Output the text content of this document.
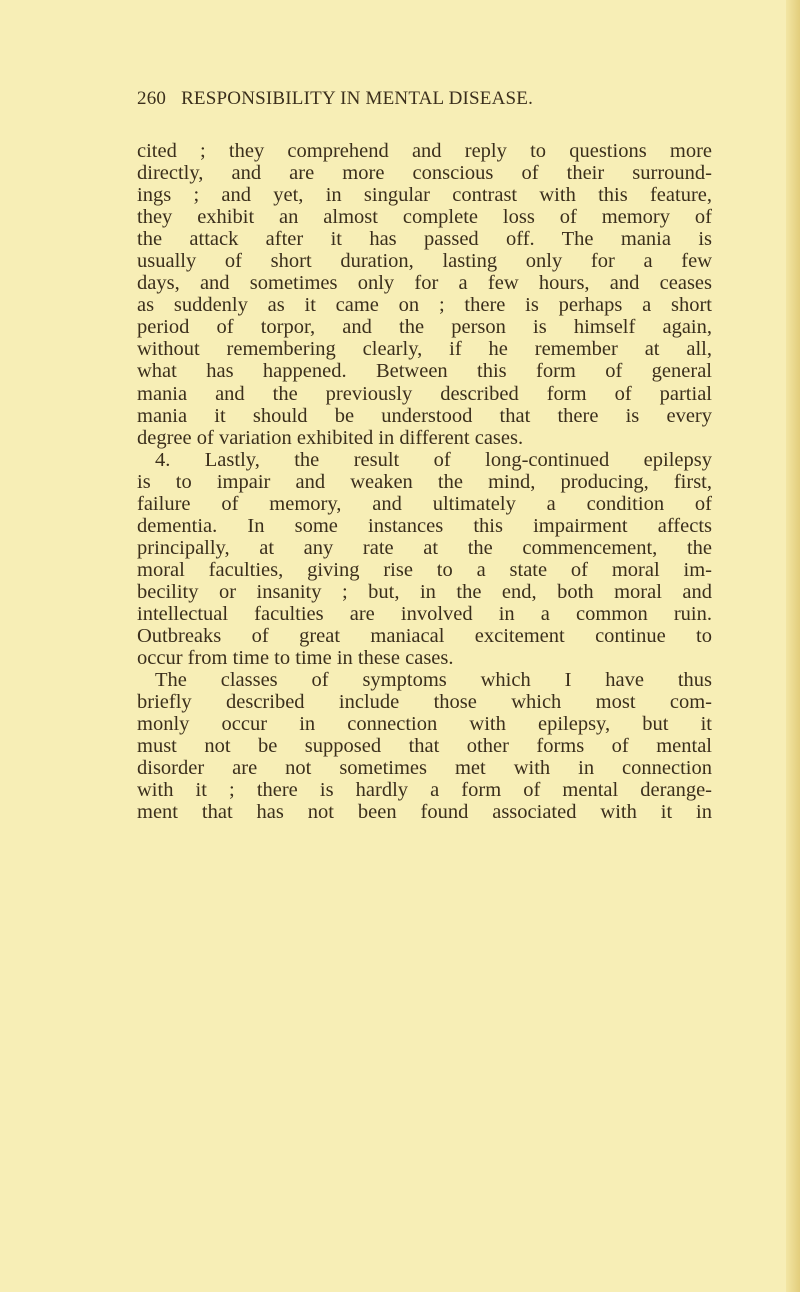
260 RESPONSIBILITY IN MENTAL DISEASE.
cited ; they comprehend and reply to questions more
directly, and are more conscious of their surround-
ings ; and yet, in singular contrast with this feature,
they exhibit an almost complete loss of memory of
the attack after it has passed off. The mania is
usually of short duration, lasting only for a few
days, and sometimes only for a few hours, and ceases
as suddenly as it came on ; there is perhaps a short
period of torpor, and the person is himself again,
without remembering clearly, if he remember at all,
what has happened. Between this form of general
mania and the previously described form of partial
mania it should be understood that there is every
degree of variation exhibited in different cases.
4. Lastly, the result of long-continued epilepsy
is to impair and weaken the mind, producing, first,
failure of memory, and ultimately a condition of
dementia. In some instances this impairment affects
principally, at any rate at the commencement, the
moral faculties, giving rise to a state of moral im-
becility or insanity ; but, in the end, both moral and
intellectual faculties are involved in a common ruin.
Outbreaks of great maniacal excitement continue to
occur from time to time in these cases.
The classes of symptoms which I have thus
briefly described include those which most com-
monly occur in connection with epilepsy, but it
must not be supposed that other forms of mental
disorder are not sometimes met with in connection
with it ; there is hardly a form of mental derange-
ment that has not been found associated with it in
